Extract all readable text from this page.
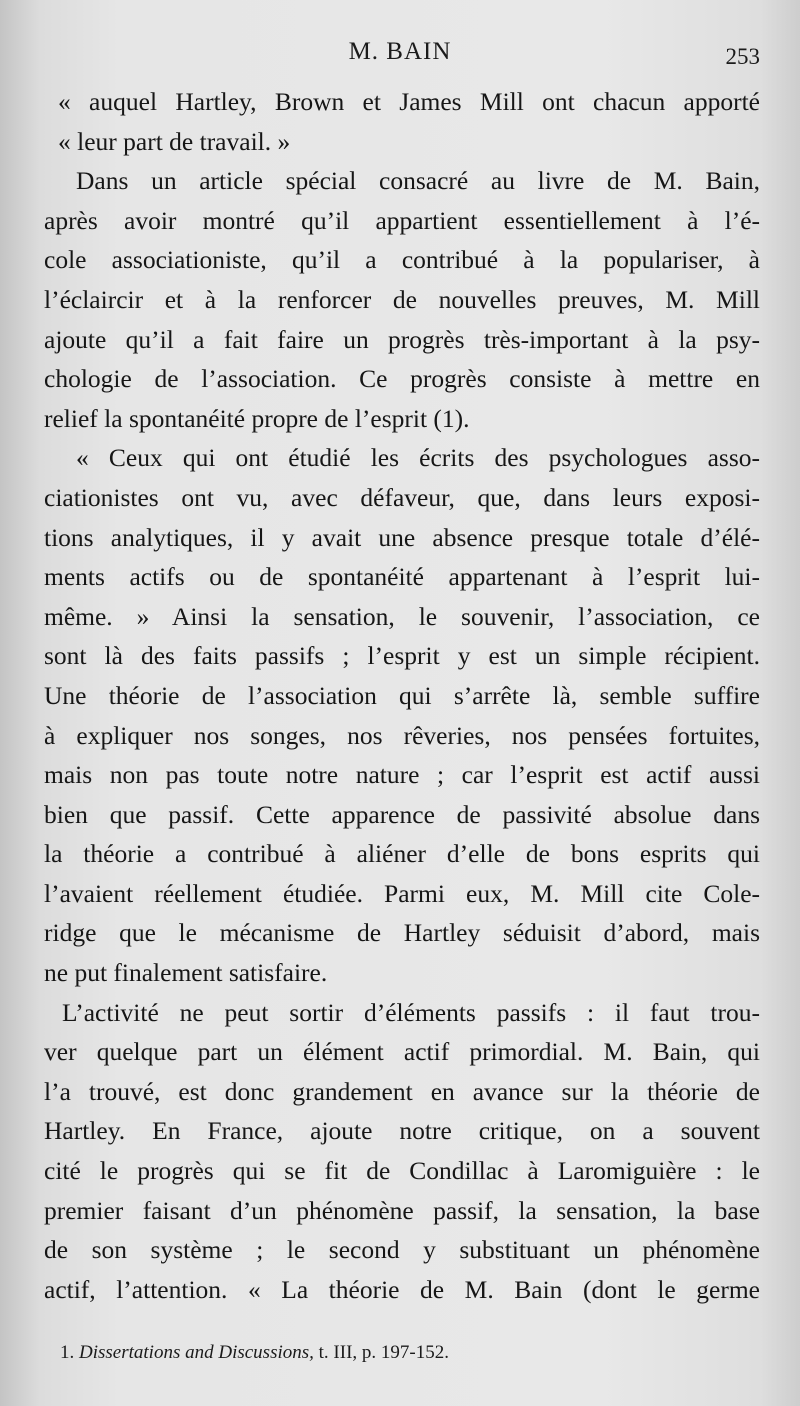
M. BAIN	253
« auquel Hartley, Brown et James Mill ont chacun apporté
« leur part de travail. »
Dans un article spécial consacré au livre de M. Bain,
après avoir montré qu’il appartient essentiellement à l’é-
cole associationiste, qu’il a contribué à la populariser, à
l’éclaircir et à la renforcer de nouvelles preuves, M. Mill
ajoute qu’il a fait faire un progrès très-important à la psy-
chologie de l’association. Ce progrès consiste à mettre en
relief la spontanéité propre de l’esprit (1).
« Ceux qui ont étudié les écrits des psychologues asso-
ciationistes ont vu, avec défaveur, que, dans leurs exposi-
tions analytiques, il y avait une absence presque totale d’élé-
ments actifs ou de spontanéité appartenant à l’esprit lui-
même. » Ainsi la sensation, le souvenir, l’association, ce
sont là des faits passifs ; l’esprit y est un simple récipient.
Une théorie de l’association qui s’arrête là, semble suffire
à expliquer nos songes, nos rêveries, nos pensées fortuites,
mais non pas toute notre nature ; car l’esprit est actif aussi
bien que passif. Cette apparence de passivité absolue dans
la théorie a contribué à aliéner d’elle de bons esprits qui
l’avaient réellement étudiée. Parmi eux, M. Mill cite Cole-
ridge que le mécanisme de Hartley séduisit d’abord, mais
ne put finalement satisfaire.
L’activité ne peut sortir d’éléments passifs : il faut trou-
ver quelque part un élément actif primordial. M. Bain, qui
l’a trouvé, est donc grandement en avance sur la théorie de
Hartley. En France, ajoute notre critique, on a souvent
cité le progrès qui se fit de Condillac à Laromiguière : le
premier faisant d’un phénomène passif, la sensation, la base
de son système ; le second y substituant un phénomène
actif, l’attention. « La théorie de M. Bain (dont le germe
1. Dissertations and Discussions, t. III, p. 197-152.
